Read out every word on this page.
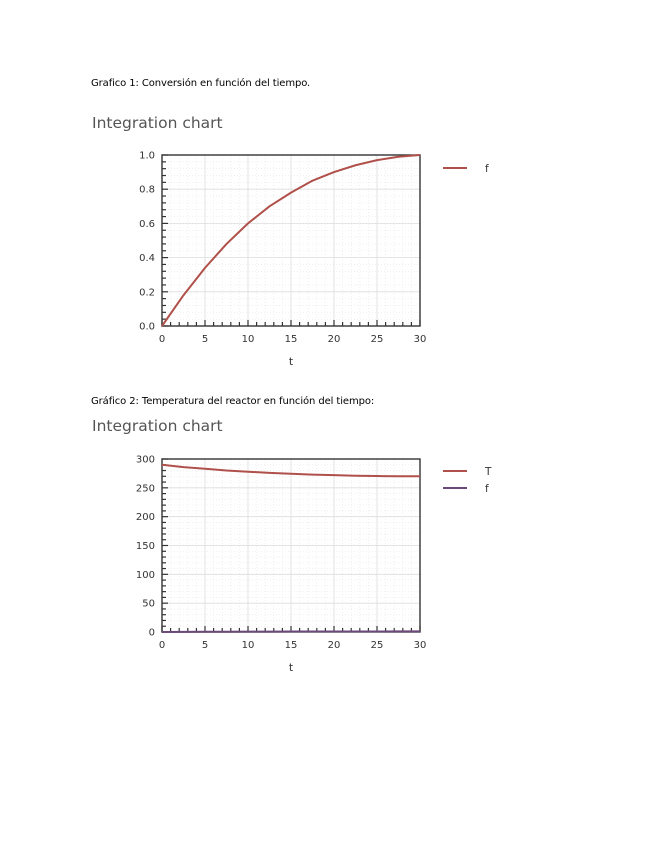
Grafico 1: Conversión en función del tiempo.
Integration chart
0	5	10	15	20	25	30
0.0
0.2
0.4
0.6
0.8
1.0
t
f
Gráfico 2: Temperatura del reactor en función del tiempo:
Integration chart
0	5	10	15	20	25	30
0
50
100
150
200
250
300
t
T
f
